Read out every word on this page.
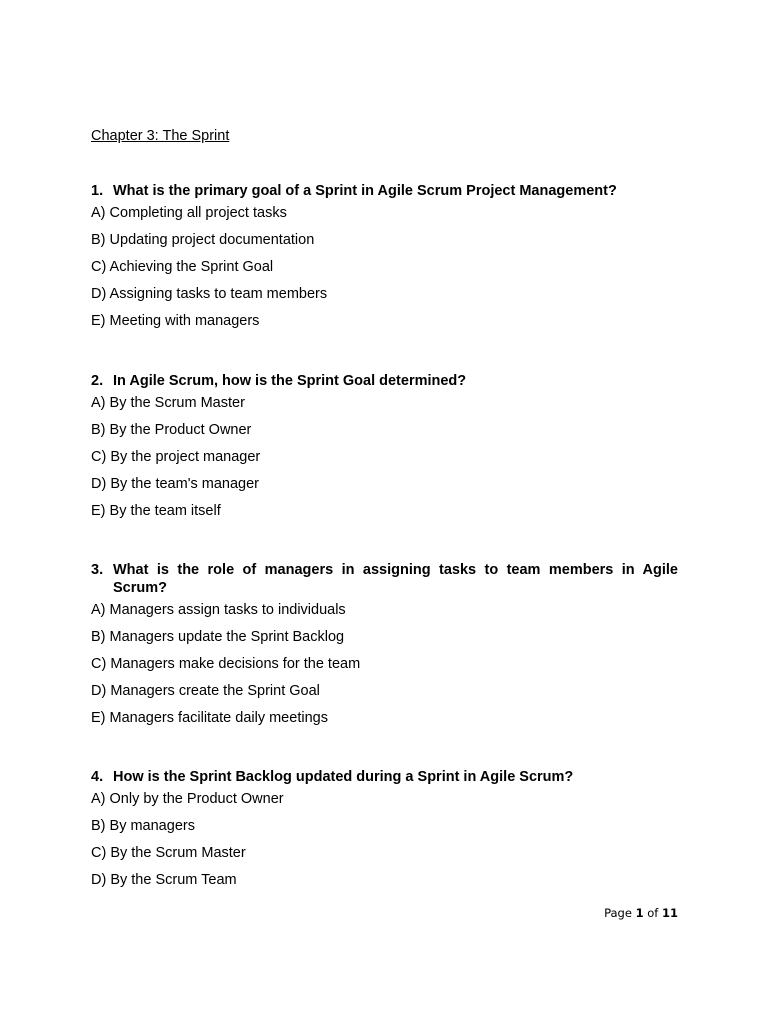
Chapter 3: The Sprint

1. What is the primary goal of a Sprint in Agile Scrum Project Management?

A) Completing all project tasks
B) Updating project documentation
C) Achieving the Sprint Goal
D) Assigning tasks to team members
E) Meeting with managers

2. In Agile Scrum, how is the Sprint Goal determined?

A) By the Scrum Master
B) By the Product Owner
C) By the project manager
D) By the team's manager
E) By the team itself

3. What is the role of managers in assigning tasks to team members in Agile Scrum?

A) Managers assign tasks to individuals
B) Managers update the Sprint Backlog
C) Managers make decisions for the team
D) Managers create the Sprint Goal
E) Managers facilitate daily meetings

4. How is the Sprint Backlog updated during a Sprint in Agile Scrum?

A) Only by the Product Owner
B) By managers
C) By the Scrum Master
D) By the Scrum Team
Page 1 of 11
